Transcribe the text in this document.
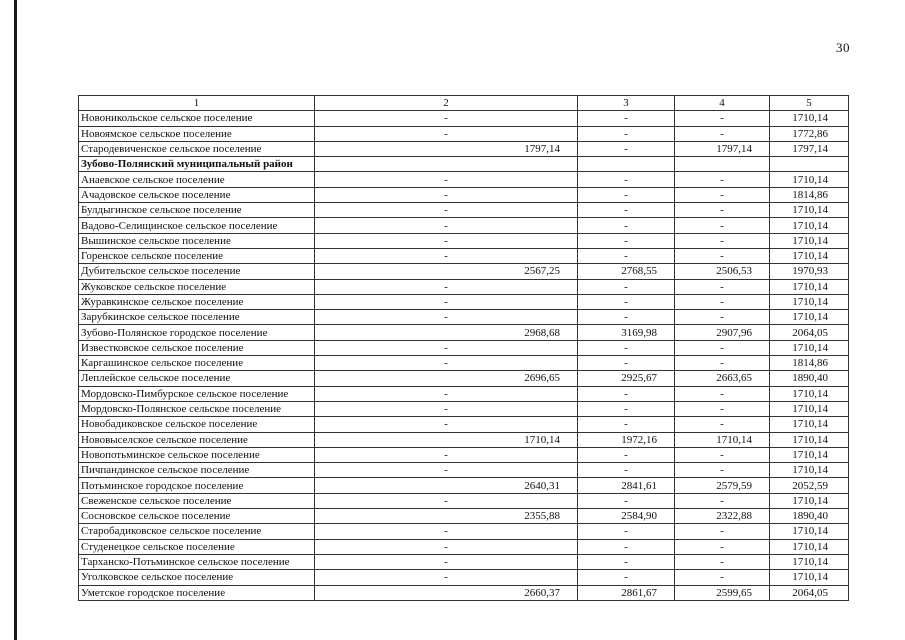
30
1	2	3	4	5
Новоникольское сельское поселение	-	-	-	1710,14
Новоямское сельское поселение	-	-	-	1772,86
Стародевиченское сельское поселение	1797,14	-	1797,14	1797,14
Зубово-Полянский муниципальный район				
Анаевское сельское поселение	-	-	-	1710,14
Ачадовское сельское поселение	-	-	-	1814,86
Булдыгинское сельское поселение	-	-	-	1710,14
Вадово-Селищинское сельское поселение	-	-	-	1710,14
Вышинское сельское поселение	-	-	-	1710,14
Горенское сельское поселение	-	-	-	1710,14
Дубительское сельское поселение	2567,25	2768,55	2506,53	1970,93
Жуковское сельское поселение	-	-	-	1710,14
Журавкинское сельское поселение	-	-	-	1710,14
Зарубкинское сельское поселение	-	-	-	1710,14
Зубово-Полянское городское поселение	2968,68	3169,98	2907,96	2064,05
Известковское сельское поселение	-	-	-	1710,14
Каргашинское сельское поселение	-	-	-	1814,86
Леплейское сельское поселение	2696,65	2925,67	2663,65	1890,40
Мордовско-Пимбурское сельское поселение	-	-	-	1710,14
Мордовско-Полянское сельское поселение	-	-	-	1710,14
Новобадиковское сельское поселение	-	-	-	1710,14
Нововыселское сельское поселение	1710,14	1972,16	1710,14	1710,14
Новопотьминское сельское поселение	-	-	-	1710,14
Пичпандинское сельское поселение	-	-	-	1710,14
Потьминское городское поселение	2640,31	2841,61	2579,59	2052,59
Свеженское сельское поселение	-	-	-	1710,14
Сосновское сельское поселение	2355,88	2584,90	2322,88	1890,40
Старобадиковское сельское поселение	-	-	-	1710,14
Студенецкое сельское поселение	-	-	-	1710,14
Тарханско-Потьминское сельское поселение	-	-	-	1710,14
Уголковское сельское поселение	-	-	-	1710,14
Уметское городское поселение	2660,37	2861,67	2599,65	2064,05
